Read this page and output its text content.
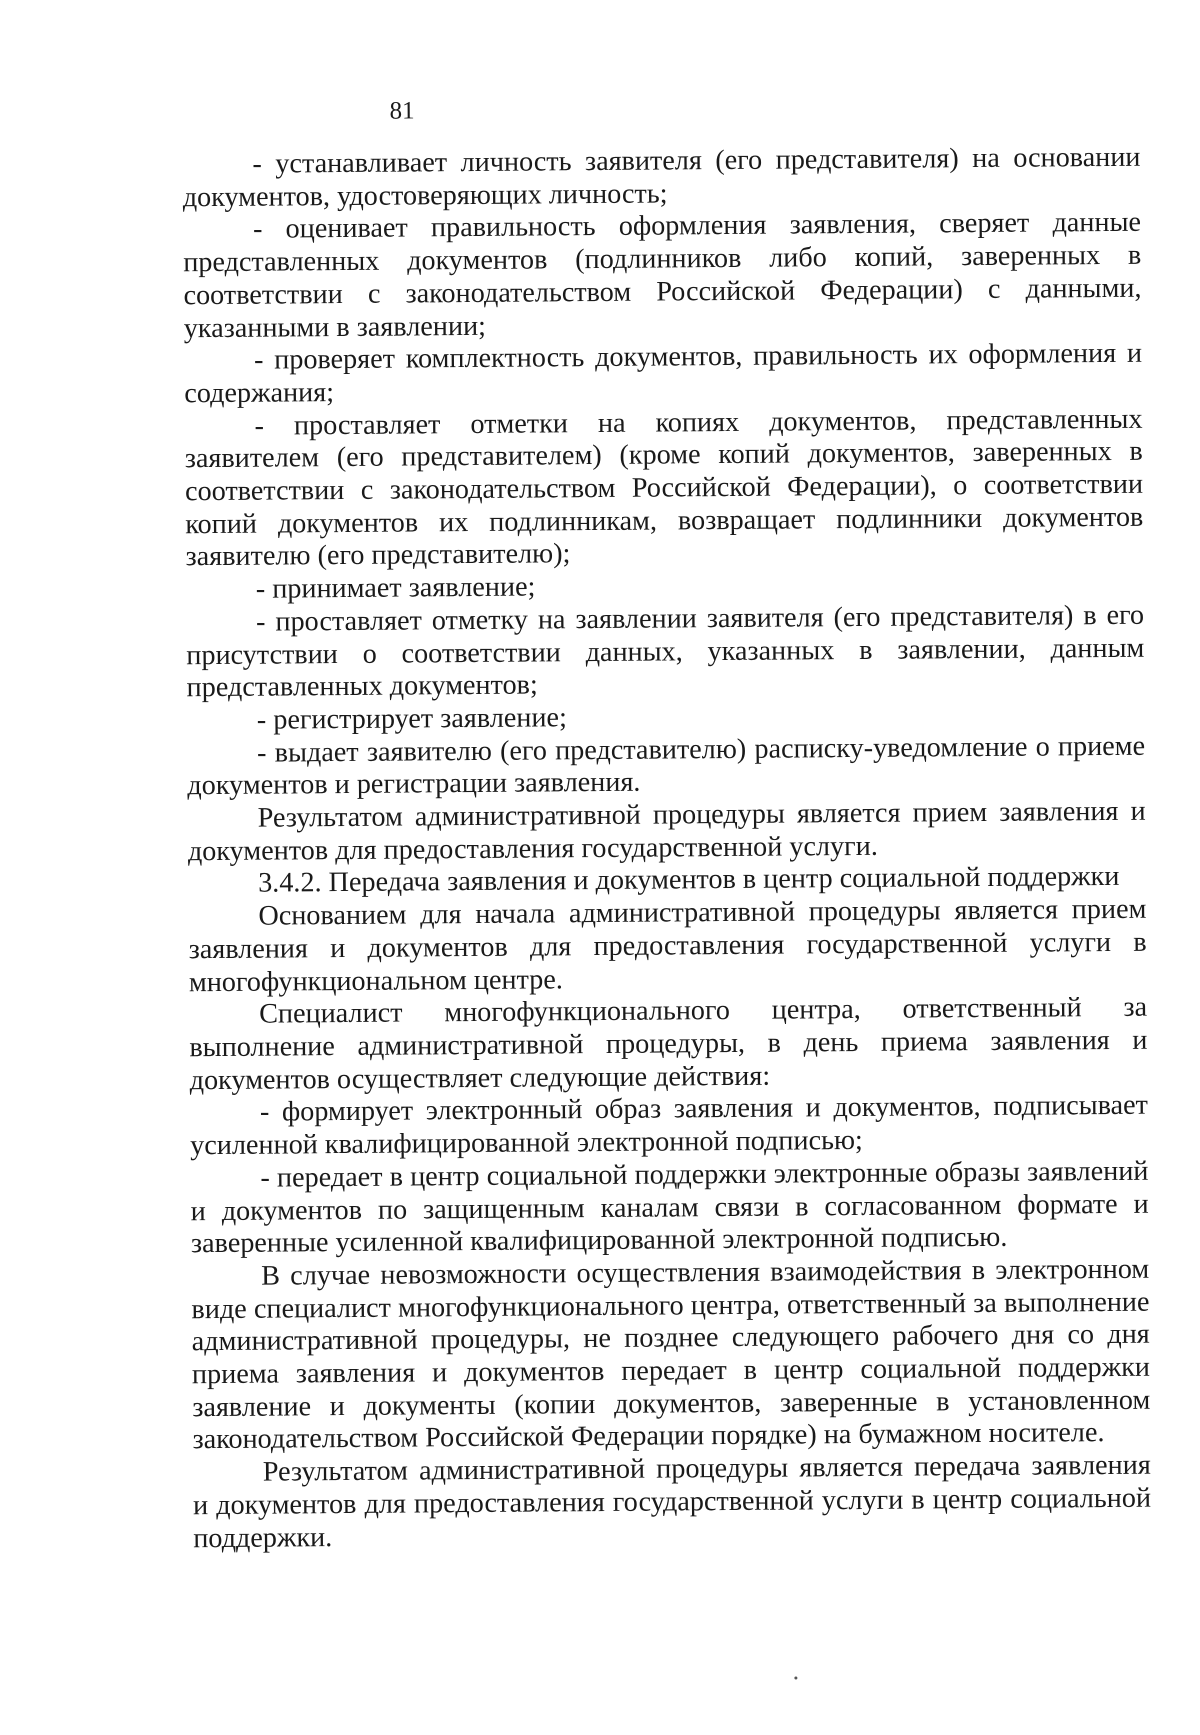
81

- устанавливает личность заявителя (его представителя) на основании документов, удостоверяющих личность;

- оценивает правильность оформления заявления, сверяет данные представленных документов (подлинников либо копий, заверенных в соответствии с законодательством Российской Федерации) с данными, указанными в заявлении;

- проверяет комплектность документов, правильность их оформления и содержания;

- проставляет отметки на копиях документов, представленных заявителем (его представителем) (кроме копий документов, заверенных в соответствии с законодательством Российской Федерации), о соответствии копий документов их подлинникам, возвращает подлинники документов заявителю (его представителю);

- принимает заявление;

- проставляет отметку на заявлении заявителя (его представителя) в его присутствии о соответствии данных, указанных в заявлении, данным представленных документов;

- регистрирует заявление;

- выдает заявителю (его представителю) расписку-уведомление о приеме документов и регистрации заявления.

Результатом административной процедуры является прием заявления и документов для предоставления государственной услуги.

3.4.2. Передача заявления и документов в центр социальной поддержки

Основанием для начала административной процедуры является прием заявления и документов для предоставления государственной услуги в многофункциональном центре.

Специалист многофункционального центра, ответственный за выполнение административной процедуры, в день приема заявления и документов осуществляет следующие действия:

- формирует электронный образ заявления и документов, подписывает усиленной квалифицированной электронной подписью;

- передает в центр социальной поддержки электронные образы заявлений и документов по защищенным каналам связи в согласованном формате и заверенные усиленной квалифицированной электронной подписью.

В случае невозможности осуществления взаимодействия в электронном виде специалист многофункционального центра, ответственный за выполнение административной процедуры, не позднее следующего рабочего дня со дня приема заявления и документов передает в центр социальной поддержки заявление и документы (копии документов, заверенные в установленном законодательством Российской Федерации порядке) на бумажном носителе.

Результатом административной процедуры является передача заявления и документов для предоставления государственной услуги в центр социальной поддержки.
